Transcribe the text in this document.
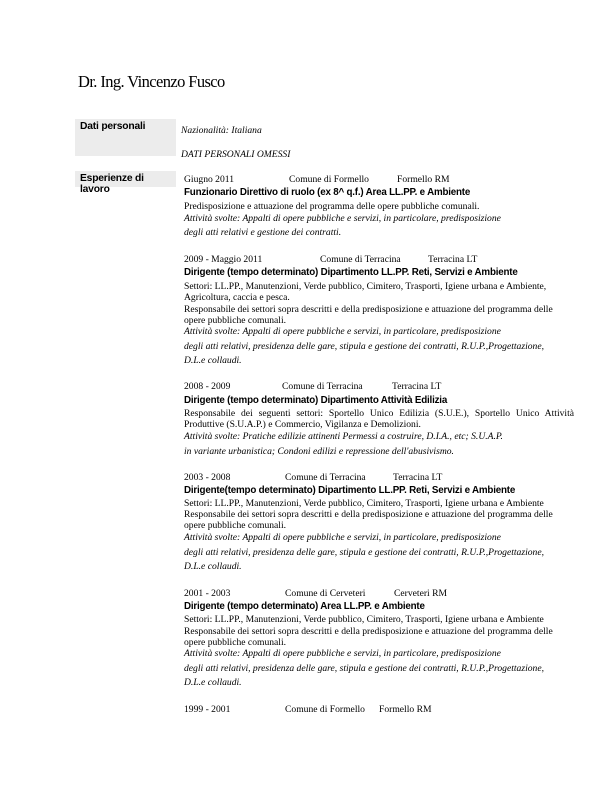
Dr. Ing. Vincenzo Fusco
Dati personali	Nazionalità: Italiana
DATI PERSONALI OMESSI
Esperienze di lavoro
Giugno 2011	Comune di Formello	Formello RM
Funzionario Direttivo di ruolo (ex 8^ q.f.) Area LL.PP. e Ambiente
Predisposizione e attuazione del programma delle opere pubbliche comunali.
Attività svolte: Appalti di opere pubbliche e servizi, in particolare, predisposizione
degli atti relativi e gestione dei contratti.
2009 - Maggio 2011	Comune di Terracina	Terracina LT
Dirigente (tempo determinato) Dipartimento LL.PP. Reti, Servizi e Ambiente
Settori: LL.PP., Manutenzioni, Verde pubblico, Cimitero, Trasporti, Igiene urbana e Ambiente,
Agricoltura, caccia e pesca.
Responsabile dei settori sopra descritti e della predisposizione e attuazione del programma delle
opere pubbliche comunali.
Attività svolte: Appalti di opere pubbliche e servizi, in particolare, predisposizione
degli atti relativi, presidenza delle gare, stipula e gestione dei contratti, R.U.P.,Progettazione,
D.L.e collaudi.
2008 - 2009	Comune di Terracina	Terracina LT
Dirigente (tempo determinato) Dipartimento Attività Edilizia
Responsabile dei seguenti settori: Sportello Unico Edilizia (S.U.E.), Sportello Unico Attività
Produttive (S.U.A.P.) e Commercio, Vigilanza e Demolizioni.
Attività svolte: Pratiche edilizie attinenti Permessi a costruire, D.I.A., etc; S.U.A.P.
in variante urbanistica; Condoni edilizi e repressione dell'abusivismo.
2003 - 2008	Comune di Terracina	Terracina LT
Dirigente(tempo determinato) Dipartimento LL.PP. Reti, Servizi e Ambiente
Settori: LL.PP., Manutenzioni, Verde pubblico, Cimitero, Trasporti, Igiene urbana e Ambiente
Responsabile dei settori sopra descritti e della predisposizione e attuazione del programma delle
opere pubbliche comunali.
Attività svolte: Appalti di opere pubbliche e servizi, in particolare, predisposizione
degli atti relativi, presidenza delle gare, stipula e gestione dei contratti, R.U.P.,Progettazione,
D.L.e collaudi.
2001 - 2003	Comune di Cerveteri	Cerveteri RM
Dirigente (tempo determinato) Area LL.PP. e Ambiente
Settori: LL.PP., Manutenzioni, Verde pubblico, Cimitero, Trasporti, Igiene urbana e Ambiente
Responsabile dei settori sopra descritti e della predisposizione e attuazione del programma delle
opere pubbliche comunali.
Attività svolte: Appalti di opere pubbliche e servizi, in particolare, predisposizione
degli atti relativi, presidenza delle gare, stipula e gestione dei contratti, R.U.P.,Progettazione,
D.L.e collaudi.
1999 - 2001	Comune di Formello Formello RM
